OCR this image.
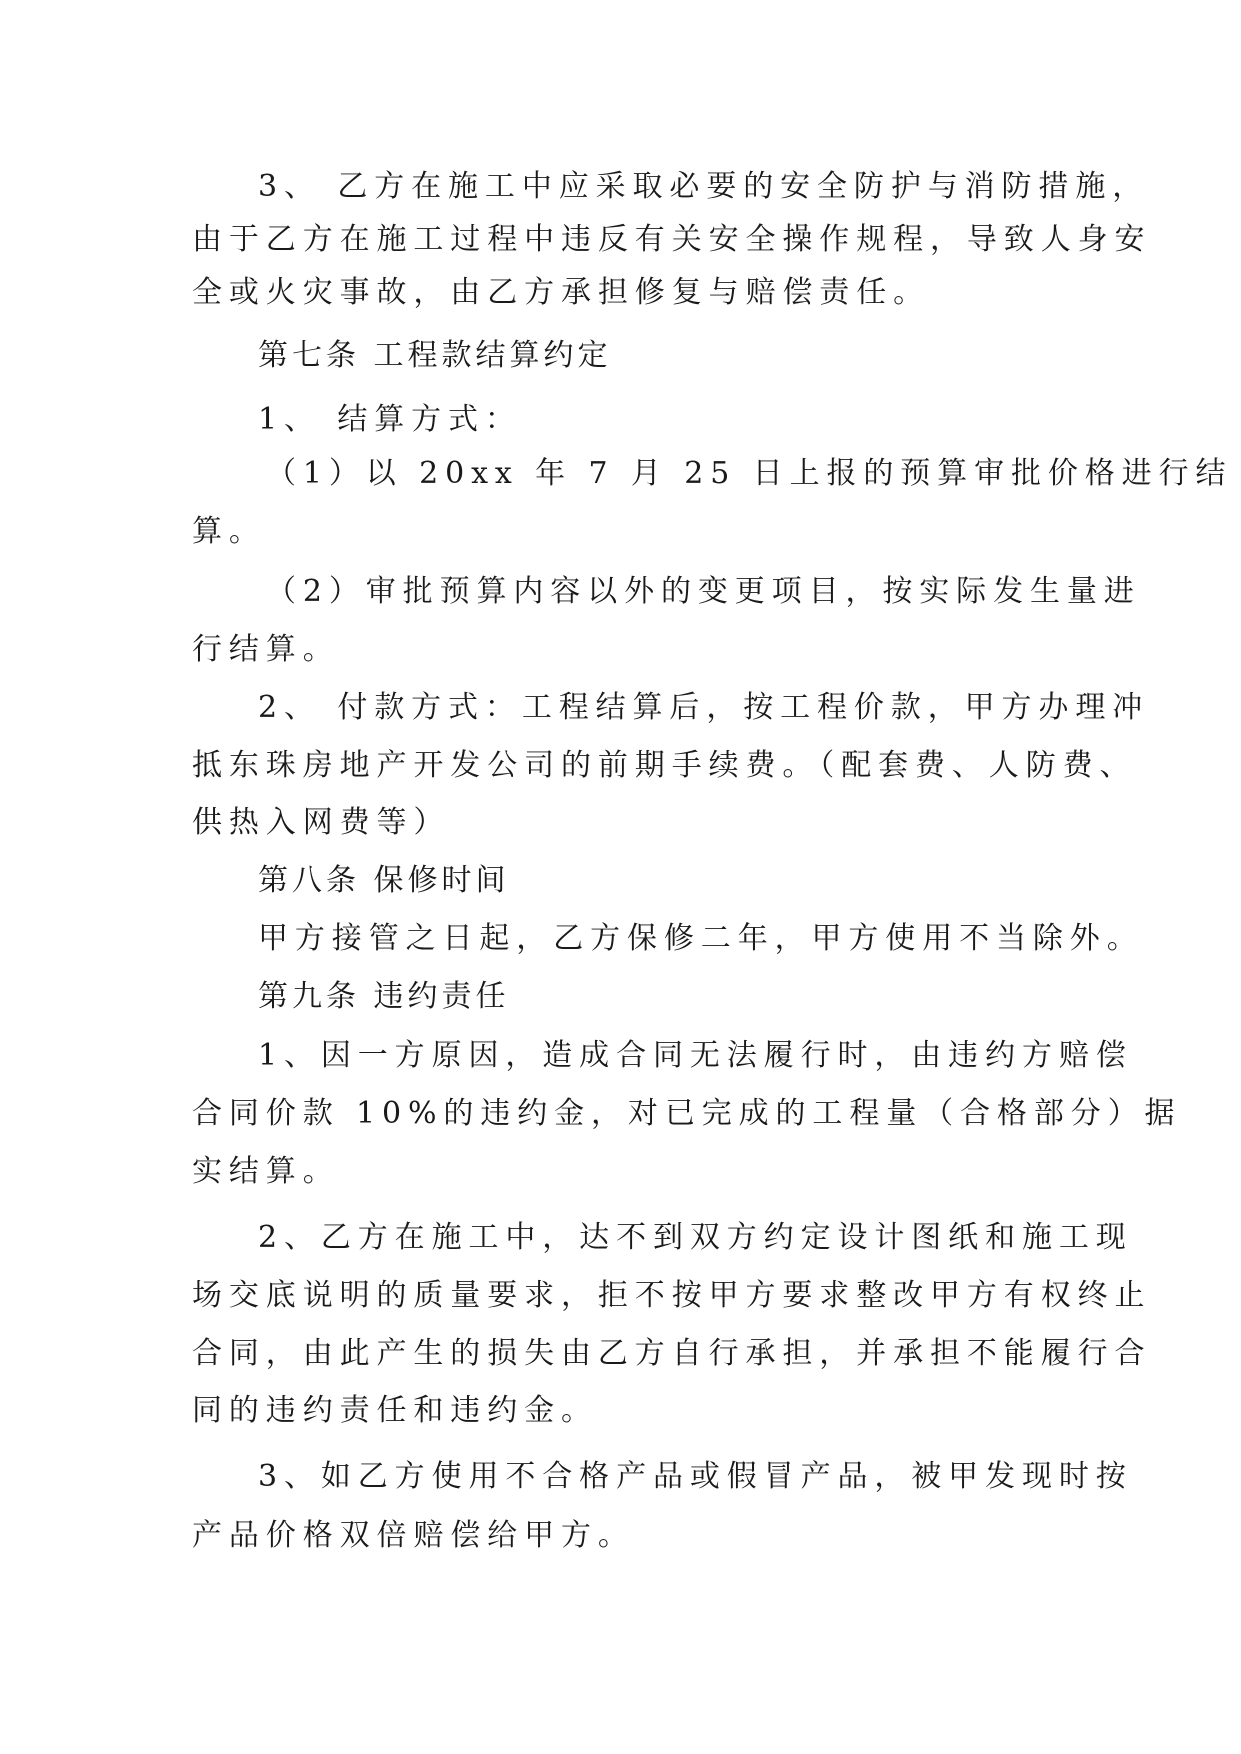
3、 乙方在施工中应采取必要的安全防护与消防措施，

由于乙方在施工过程中违反有关安全操作规程，导致人身安

全或火灾事故，由乙方承担修复与赔偿责任。

第七条 工程款结算约定

1、 结算方式：

（1）以 20xx 年 7 月 25 日上报的预算审批价格进行结

算。

（2）审批预算内容以外的变更项目，按实际发生量进

行结算。

2、 付款方式：工程结算后，按工程价款，甲方办理冲

抵东珠房地产开发公司的前期手续费。（配套费、人防费、

供热入网费等）

第八条 保修时间

甲方接管之日起，乙方保修二年，甲方使用不当除外。

第九条 违约责任

1、因一方原因，造成合同无法履行时，由违约方赔偿

合同价款 10%的违约金，对已完成的工程量（合格部分）据

实结算。

2、乙方在施工中，达不到双方约定设计图纸和施工现

场交底说明的质量要求，拒不按甲方要求整改甲方有权终止

合同，由此产生的损失由乙方自行承担，并承担不能履行合

同的违约责任和违约金。

3、如乙方使用不合格产品或假冒产品，被甲发现时按

产品价格双倍赔偿给甲方。
